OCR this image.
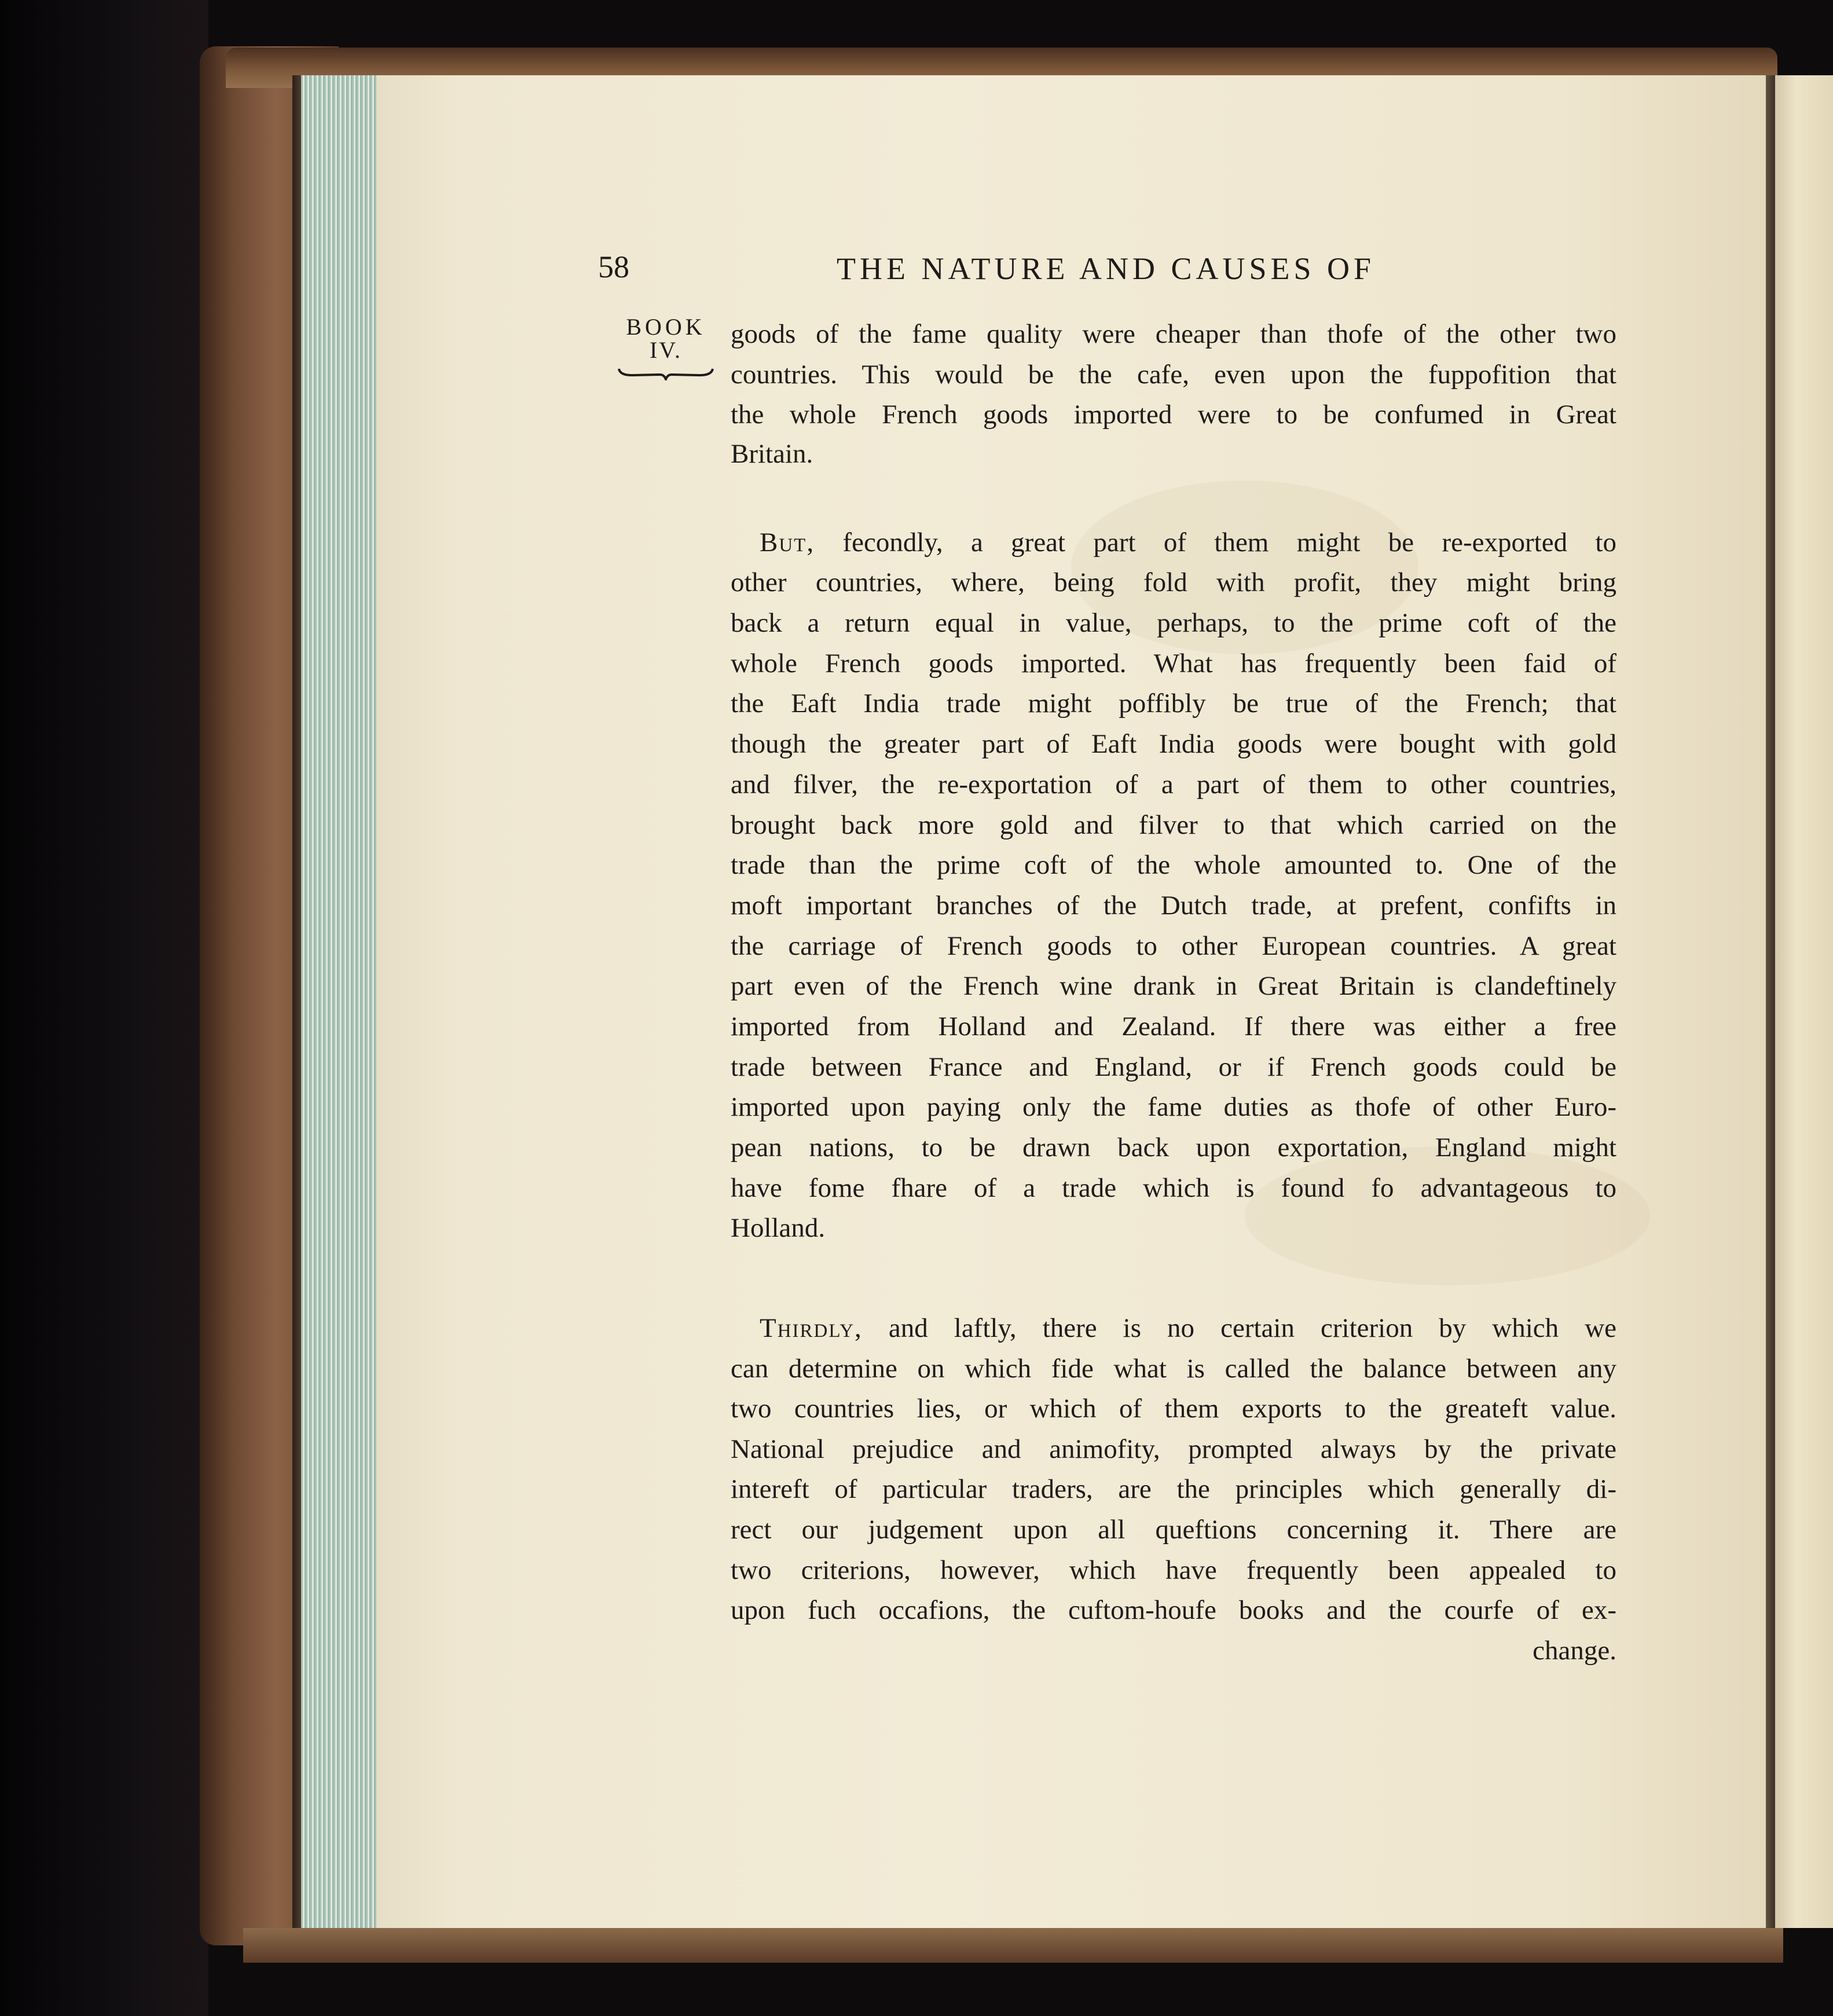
58	THE NATURE AND CAUSES OF
BOOK
IV.
goods of the fame quality were cheaper than thofe of the other two
countries. This would be the cafe, even upon the fuppofition that
the whole French goods imported were to be confumed in Great
Britain.
But, fecondly, a great part of them might be re-exported to
other countries, where, being fold with profit, they might bring
back a return equal in value, perhaps, to the prime coft of the
whole French goods imported. What has frequently been faid of
the Eaft India trade might poffibly be true of the French; that
though the greater part of Eaft India goods were bought with gold
and filver, the re-exportation of a part of them to other countries,
brought back more gold and filver to that which carried on the
trade than the prime coft of the whole amounted to. One of the
moft important branches of the Dutch trade, at prefent, confifts in
the carriage of French goods to other European countries. A great
part even of the French wine drank in Great Britain is clandeftinely
imported from Holland and Zealand. If there was either a free
trade between France and England, or if French goods could be
imported upon paying only the fame duties as thofe of other Euro-
pean nations, to be drawn back upon exportation, England might
have fome fhare of a trade which is found fo advantageous to
Holland.
Thirdly, and laftly, there is no certain criterion by which we
can determine on which fide what is called the balance between any
two countries lies, or which of them exports to the greateft value.
National prejudice and animofity, prompted always by the private
intereft of particular traders, are the principles which generally di-
rect our judgement upon all queftions concerning it. There are
two criterions, however, which have frequently been appealed to
upon fuch occafions, the cuftom-houfe books and the courfe of ex-
change.
